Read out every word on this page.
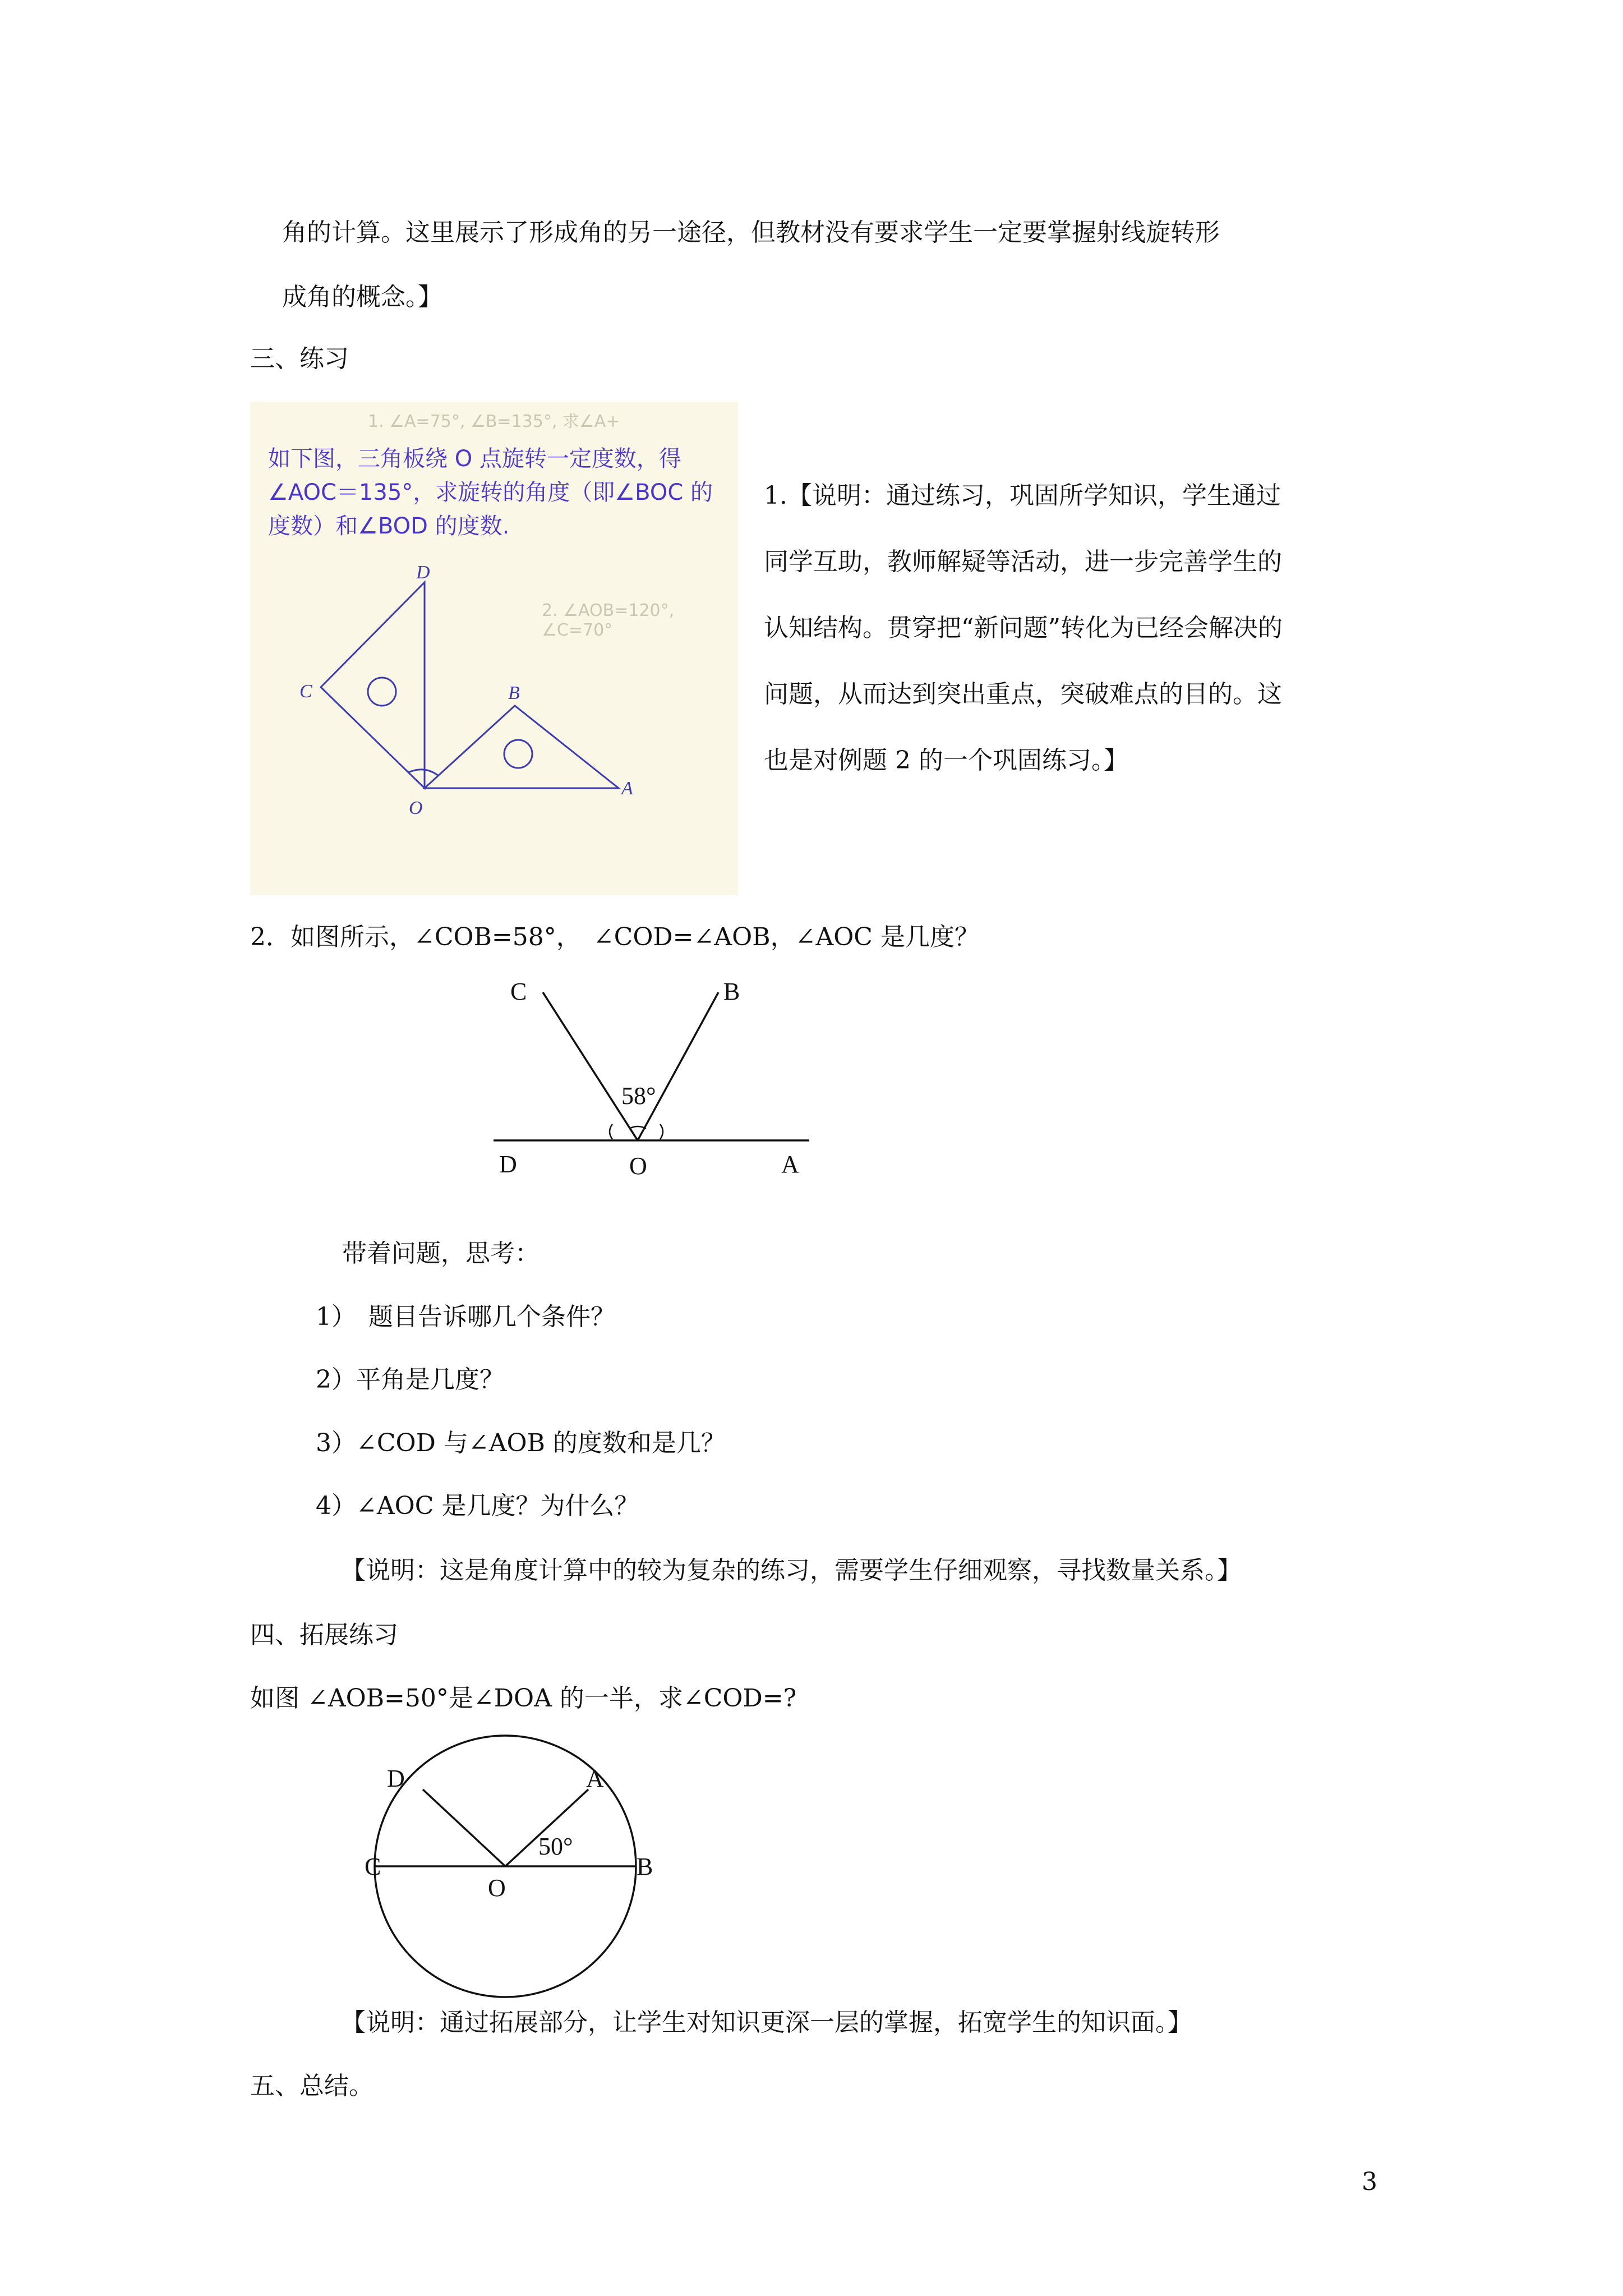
角的计算。这里展示了形成角的另一途径，但教材没有要求学生一定要掌握射线旋转形
成角的概念。】
三、练习
1. ∠A=75°, ∠B=135°, 求∠A+
如下图，三角板绕 O 点旋转一定度数，得∠AOC＝135°，求旋转的角度（即∠BOC 的度数）和∠BOD 的度数.
2. ∠AOB=120°, ∠C=70°
D
C	B
O
A

1.【说明：通过练习，巩固所学知识，学生通过

同学互助，教师解疑等活动，进一步完善学生的

认知结构。贯穿把“新问题”转化为已经会解决的

问题，从而达到突出重点，突破难点的目的。这

也是对例题 2 的一个巩固练习。】

2．如图所示，∠COB=58°，　∠COD=∠AOB，∠AOC 是几度？
C	B
58°
D	O	A
带着问题，思考：
1）　题目告诉哪几个条件？
2）平角是几度？
3）∠COD 与∠AOB 的度数和是几？
4）∠AOC 是几度？为什么？
【说明：这是角度计算中的较为复杂的练习，需要学生仔细观察，寻找数量关系。】
四、拓展练习
如图 ∠AOB=50°是∠DOA 的一半，求∠COD=?
D	A
C
50°
O
B
【说明：通过拓展部分，让学生对知识更深一层的掌握，拓宽学生的知识面。】
五、总结。
3
